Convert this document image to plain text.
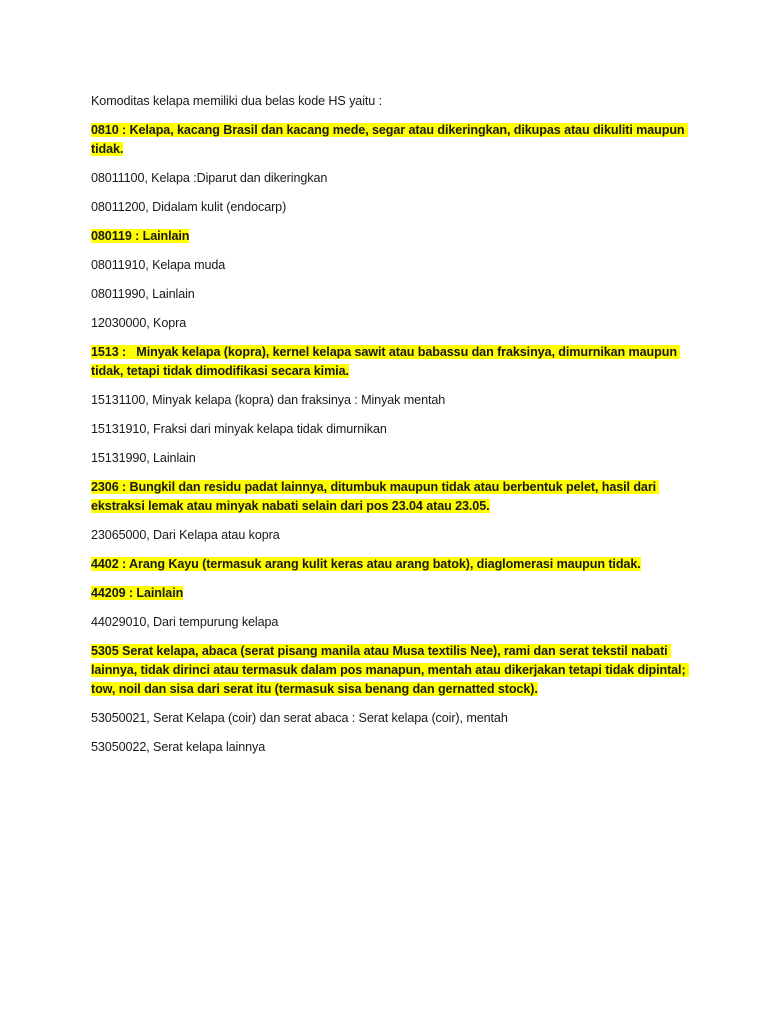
Komoditas kelapa memiliki dua belas kode HS yaitu :

0810 : Kelapa, kacang Brasil dan kacang mede, segar atau dikeringkan, dikupas atau dikuliti maupun tidak.

08011100, Kelapa :Diparut dan dikeringkan

08011200, Didalam kulit (endocarp)

080119 : Lainlain

08011910, Kelapa muda

08011990, Lainlain

12030000, Kopra

1513 :   Minyak kelapa (kopra), kernel kelapa sawit atau babassu dan fraksinya, dimurnikan maupun tidak, tetapi tidak dimodifikasi secara kimia.

15131100, Minyak kelapa (kopra) dan fraksinya : Minyak mentah

15131910, Fraksi dari minyak kelapa tidak dimurnikan

15131990, Lainlain

2306 : Bungkil dan residu padat lainnya, ditumbuk maupun tidak atau berbentuk pelet, hasil dari ekstraksi lemak atau minyak nabati selain dari pos 23.04 atau 23.05.

23065000, Dari Kelapa atau kopra

4402 : Arang Kayu (termasuk arang kulit keras atau arang batok), diaglomerasi maupun tidak.

44209 : Lainlain

44029010, Dari tempurung kelapa

5305 Serat kelapa, abaca (serat pisang manila atau Musa textilis Nee), rami dan serat tekstil nabati lainnya, tidak dirinci atau termasuk dalam pos manapun, mentah atau dikerjakan tetapi tidak dipintal; tow, noil dan sisa dari serat itu (termasuk sisa benang dan gernatted stock).

53050021, Serat Kelapa (coir) dan serat abaca : Serat kelapa (coir), mentah

53050022, Serat kelapa lainnya
